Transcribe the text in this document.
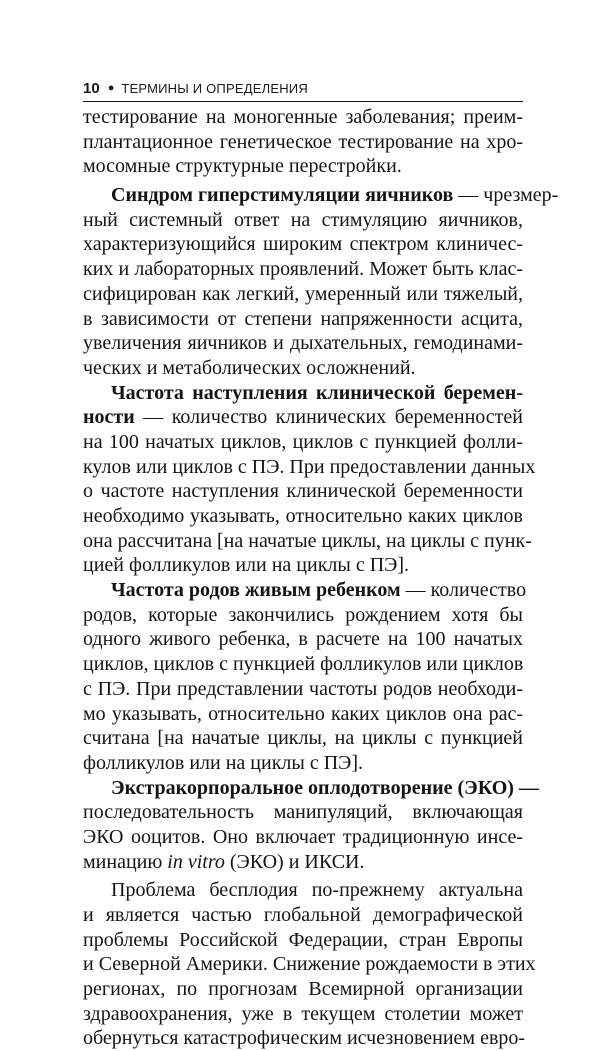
10 ● ТЕРМИНЫ И ОПРЕДЕЛЕНИЯ
тестирование на моногенные заболевания; преим-
плантационное генетическое тестирование на хро-
мосомные структурные перестройки.
Синдром гиперстимуляции яичников — чрезмер-
ный системный ответ на стимуляцию яичников,
характеризующийся широким спектром клиничес-
ких и лабораторных проявлений. Может быть клас-
сифицирован как легкий, умеренный или тяжелый,
в зависимости от степени напряженности асцита,
увеличения яичников и дыхательных, гемодинами-
ческих и метаболических осложнений.
Частота наступления клинической беремен-
ности — количество клинических беременностей
на 100 начатых циклов, циклов с пункцией фолли-
кулов или циклов с ПЭ. При предоставлении данных
о частоте наступления клинической беременности
необходимо указывать, относительно каких циклов
она рассчитана [на начатые циклы, на циклы с пунк-
цией фолликулов или на циклы с ПЭ].
Частота родов живым ребенком — количество
родов, которые закончились рождением хотя бы
одного живого ребенка, в расчете на 100 начатых
циклов, циклов с пункцией фолликулов или циклов
с ПЭ. При представлении частоты родов необходи-
мо указывать, относительно каких циклов она рас-
считана [на начатые циклы, на циклы с пункцией
фолликулов или на циклы с ПЭ].
Экстракорпоральное оплодотворение (ЭКО) —
последовательность манипуляций, включающая
ЭКО ооцитов. Оно включает традиционную инсе-
минацию in vitro (ЭКО) и ИКСИ.
Проблема бесплодия по-прежнему актуальна
и является частью глобальной демографической
проблемы Российской Федерации, стран Европы
и Северной Америки. Снижение рождаемости в этих
регионах, по прогнозам Всемирной организации
здравоохранения, уже в текущем столетии может
обернуться катастрофическим исчезновением евро-
